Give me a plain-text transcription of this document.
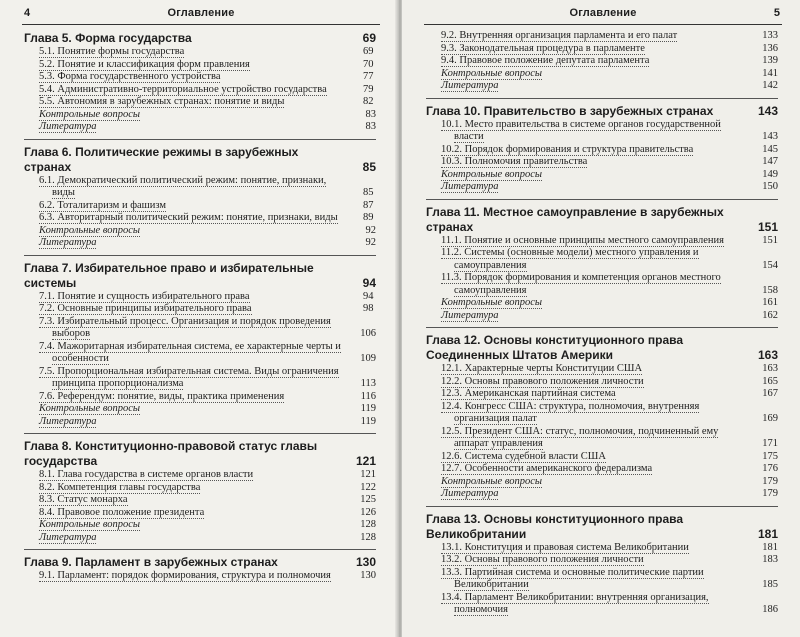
4	Оглавление
Глава 5. Форма государства	69
5.1. Понятие формы государства	69
5.2. Понятие и классификация форм правления	70
5.3. Форма государственного устройства	77
5.4. Административно-территориальное устройство государства	79
5.5. Автономия в зарубежных странах: понятие и виды	82
Контрольные вопросы	83
Литература	83
Глава 6. Политические режимы в зарубежных странах	85
6.1. Демократический политический режим: понятие, признаки, виды	85
6.2. Тоталитаризм и фашизм	87
6.3. Авторитарный политический режим: понятие, признаки, виды 89
Контрольные вопросы	92
Литература	92
Глава 7. Избирательное право и избирательные системы	94
7.1. Понятие и сущность избирательного права	94
7.2. Основные принципы избирательного права	98
7.3. Избирательный процесс. Организация и порядок проведения выборов	106
7.4. Мажоритарная избирательная система, ее характерные черты и особенности	109
7.5. Пропорциональная избирательная система. Виды ограничения принципа пропорционализма	113
7.6. Референдум: понятие, виды, практика применения	116
Контрольные вопросы	119
Литература	119
Глава 8. Конституционно-правовой статус главы государства	121
8.1. Глава государства в системе органов власти	121
8.2. Компетенция главы государства	122
8.3. Статус монарха	125
8.4. Правовое положение президента	126
Контрольные вопросы	128
Литература	128
Глава 9. Парламент в зарубежных странах	130
9.1. Парламент: порядок формирования, структура и полномочия	130
Оглавление	5
9.2. Внутренняя организация парламента и его палат	133
9.3. Законодательная процедура в парламенте	136
9.4. Правовое положение депутата парламента	139
Контрольные вопросы	141
Литература	142
Глава 10. Правительство в зарубежных странах	143
10.1. Место правительства в системе органов государственной власти	143
10.2. Порядок формирования и структура правительства	145
10.3. Полномочия правительства	147
Контрольные вопросы	149
Литература	150
Глава 11. Местное самоуправление в зарубежных странах	151
11.1. Понятие и основные принципы местного самоуправления	151
11.2. Системы (основные модели) местного управления и самоуправления	154
11.3. Порядок формирования и компетенция органов местного самоуправления	158
Контрольные вопросы	161
Литература	162
Глава 12. Основы конституционного права Соединенных Штатов Америки	163
12.1. Характерные черты Конституции США	163
12.2. Основы правового положения личности	165
12.3. Американская партийная система	167
12.4. Конгресс США: структура, полномочия, внутренняя организация палат	169
12.5. Президент США: статус, полномочия, подчиненный ему аппарат управления	171
12.6. Система судебной власти США	175
12.7. Особенности американского федерализма	176
Контрольные вопросы	179
Литература	179
Глава 13. Основы конституционного права Великобритании	181
13.1. Конституция и правовая система Великобритании	181
13.2. Основы правового положения личности	183
13.3. Партийная система и основные политические партии Великобритании	185
13.4. Парламент Великобритании: внутренняя организация, полномочия	186
